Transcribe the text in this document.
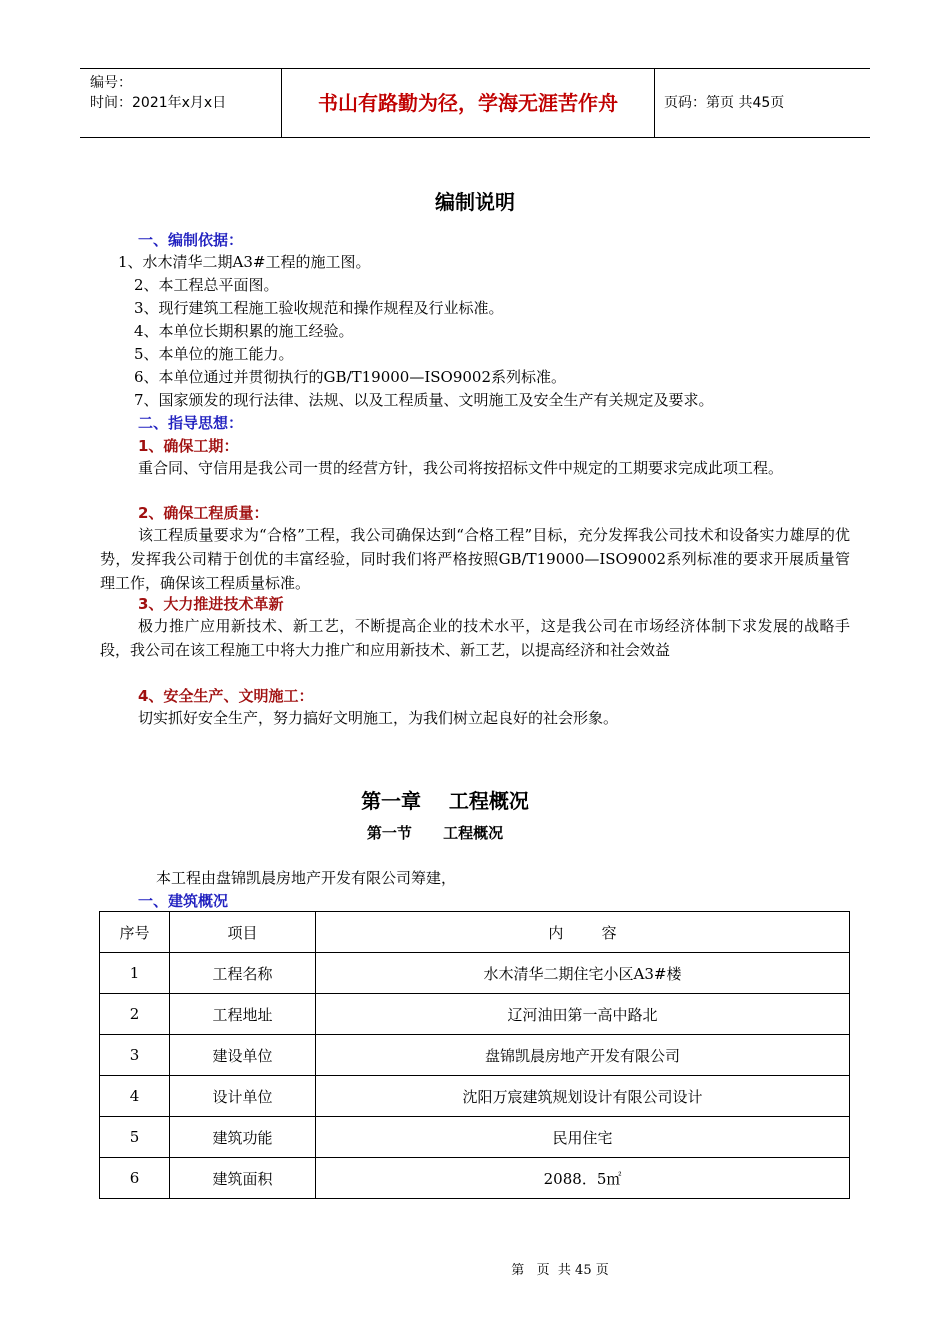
编号：
时间：2021年x月x日	书山有路勤为径，学海无涯苦作舟	页码：第页 共45页
编制说明
一、编制依据：
1、水木清华二期A3#工程的施工图。
2、本工程总平面图。
3、现行建筑工程施工验收规范和操作规程及行业标准。
4、本单位长期积累的施工经验。
5、本单位的施工能力。
6、本单位通过并贯彻执行的GB/T19000—ISO9002系列标准。
7、国家颁发的现行法律、法规、以及工程质量、文明施工及安全生产有关规定及要求。
二、指导思想：
1、确保工期：
重合同、守信用是我公司一贯的经营方针，我公司将按招标文件中规定的工期要求完成此项工程。
2、确保工程质量：
该工程质量要求为“合格”工程，我公司确保达到“合格工程”目标，充分发挥我公司技术和设备实力雄厚的优势，发挥我公司精于创优的丰富经验，同时我们将严格按照GB/T19000—ISO9002系列标准的要求开展质量管理工作，确保该工程质量标准。
3、大力推进技术革新
极力推广应用新技术、新工艺，不断提高企业的技术水平，这是我公司在市场经济体制下求发展的战略手段，我公司在该工程施工中将大力推广和应用新技术、新工艺，以提高经济和社会效益
4、安全生产、文明施工：
切实抓好安全生产，努力搞好文明施工，为我们树立起良好的社会形象。
第一章    工程概况
第一节      工程概况
本工程由盘锦凯晨房地产开发有限公司筹建，
一、建筑概况
序号	项目	内        容
1	工程名称	水木清华二期住宅小区A3#楼
2	工程地址	辽河油田第一高中路北
3	建设单位	盘锦凯晨房地产开发有限公司
4	设计单位	沈阳万宸建筑规划设计有限公司设计
5	建筑功能	民用住宅
6	建筑面积	2088．5㎡
第   页  共 45 页
